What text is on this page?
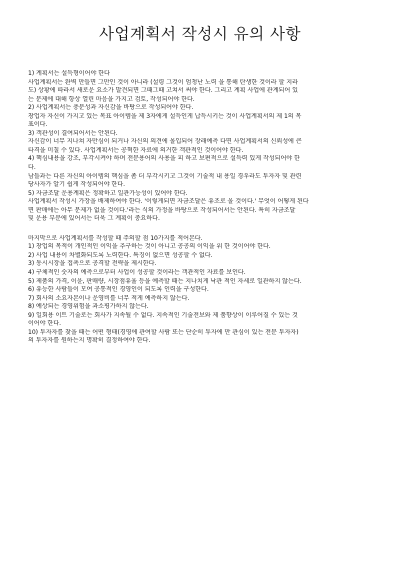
사업계획서 작성시 유의 사항

1) 계획서는 설득형이어야 한다

사업계획서는 완벽 만들면 그만인 것이 아니라 (설령 그것이 엄청난 노력 을 통해 탄생한 것이라 할 지라

도) 상황에 따라서 새로운 요소가 발견되면 그때그때 고쳐서 써야 한다. 그리고 계획 사업에 관계되어 있

는 문제에 대해 항상 열린 마음을 가지고 검토, 작성되어야 한다.

2) 사업계획서는 충분성과 자신감을 바탕으로 작성되어야 한다.

창업자 자신이 가지고 있는 목표 아이템을 제 3자에게 설득인게 납득시키는 것이 사업계획서의 제 1의 목

표이다.

3) 객관성이 결여되어서는 안된다.

자신감이 너무 지나쳐 자만심이 되거나 자신의 의견에 몰입되어 장래예측 다면 사업계획서의 신뢰성에 큰

타격을 미칠 수 있다. 사업계획서는 공혁한 자료에 의거한 객관적인 것이어야 한다.

4) 핵심내용을 강조, 부각시켜야 하며 전문용어의 사용을 피 하고 보편적으로 설득력 있게 작성되어야 한

다.

남들과는 다른 자신의 아이템의 핵심을 좀 더 부각시키고 그것이 기술적 내 용일 경우라도 투자자 및 관련

당사자가 알기 쉽게 작성되어야 한다.

5) 자금조달 운용계획은 정확하고 일관가능성이 있어야 한다.

사업계획서 작성시 가장을 배제하여야 한다. '이렇게되면 자금조달은 유조로 올 것이다.' 무엇이 어떻게 된다

면 판매에는 아무 문제가 없을 것이다.'라는 식의 가정을 바탕으로 작성되어서는 안된다. 특히 자금조달

및 운용 부분에 있어서는 더욱 그 계획이 중요하다.

마지막으로 사업계획서를 작성할 때 주의할 점 10가지를 적어본다.

1) 창업의 목적이 개인적인 이익을 추구하는 것이 아니고 공공의 이익을 위 한 것이어야 한다.

2) 사업 내용이 차별화되도록 노력한다. 특징이 없으면 성공할 수 없다.

3) 동시시장을 접촉으로 공격할 전략을 제시한다.

4) 구체적인 숫자의 예측으로부터 사업이 성공할 것이라는 객관적인 자료를 보인다.

5) 제품의 가격, 이윤, 판매량, 시장점유율 등을 예측할 때는 지나치게 낙관 적인 자세로 일관하지 않는다.

6) 유능한 사람들이 모여 공통적인 경영인이 되도록 인력을 구성한다.

7) 회사의 소요자본이나 운영비를 너무 적게 예측하지 않는다.

8) 예상되는 경영위험을 과소평가하지 않는다.

9) 일회용 이트 기술로는 회사가 지속될 수 없다. 지속적인 기술전보와 제 품향상이 이루어질 수 있는 것

이어야 한다.

10) 투자자를 찾을 때는 어떤 형태(경영에 관여할 사람 또는 단순히 투자에 만 관심이 있는 전문 투자자)

의 투자자를 원하는지 명확히 결정하여야 한다.
